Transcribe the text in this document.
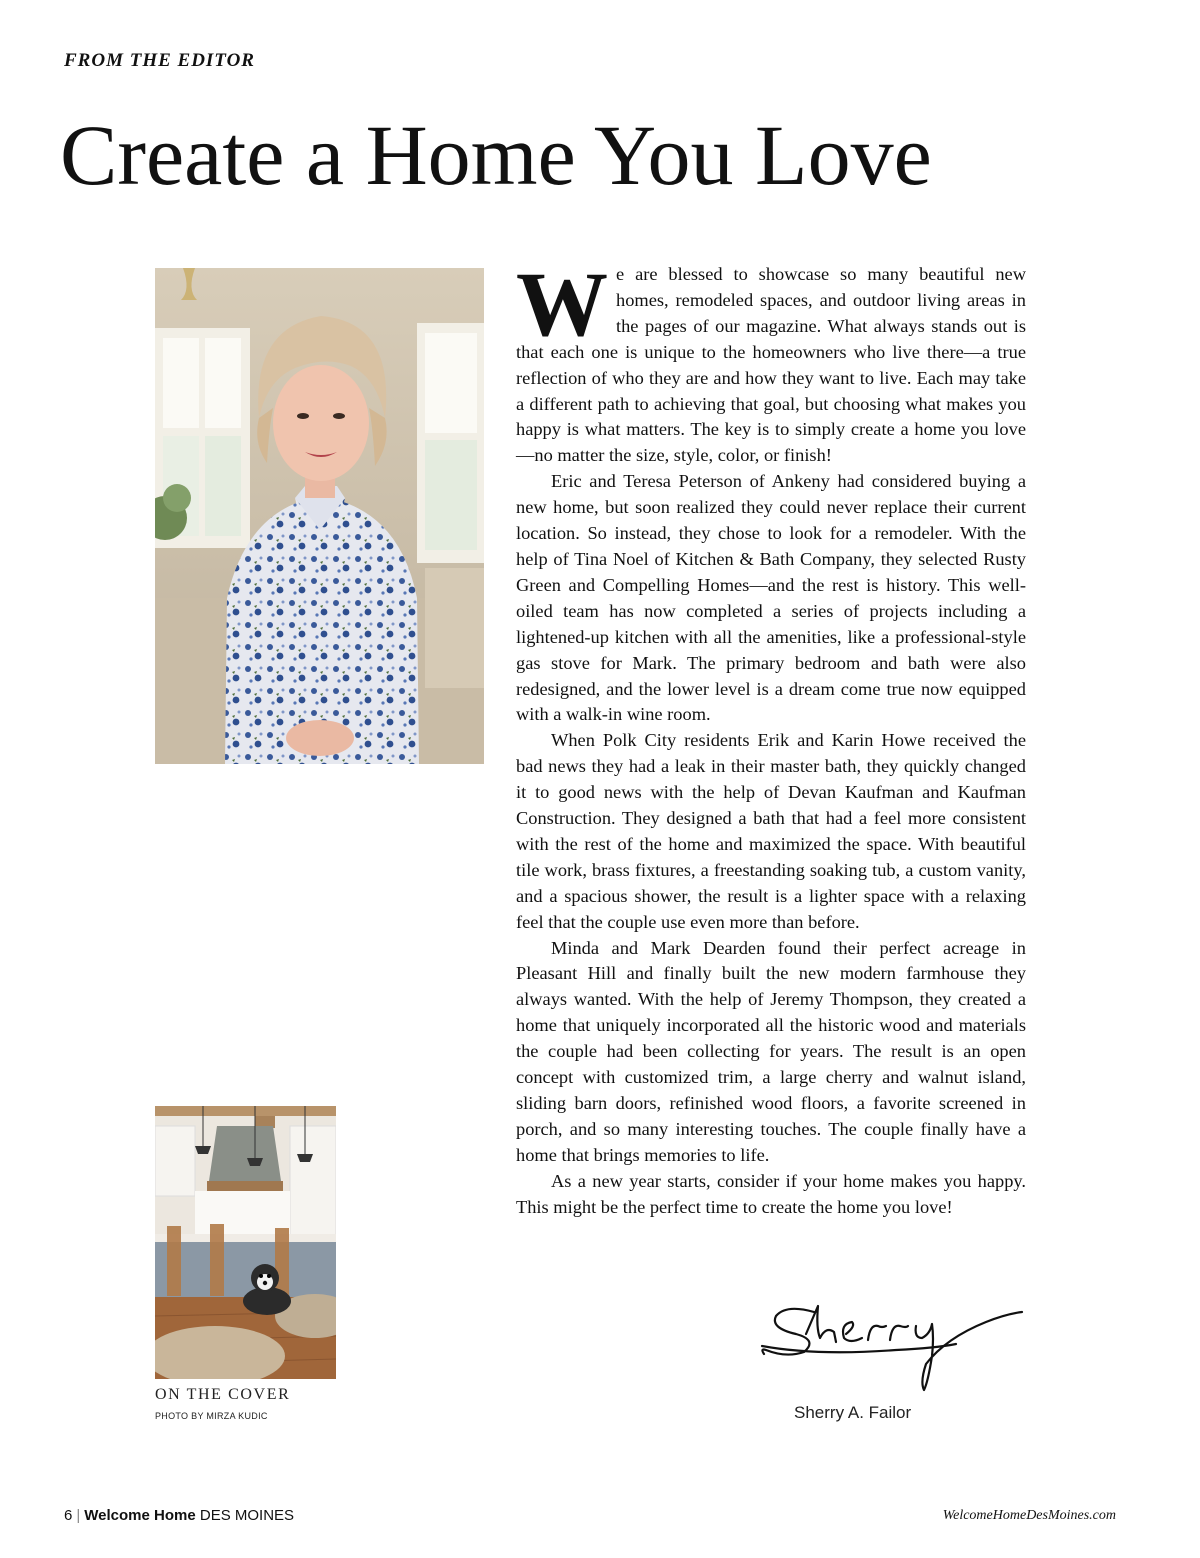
FROM THE EDITOR
Create a Home You Love

We are blessed to showcase so many beautiful new homes, remodeled spaces, and outdoor living areas in the pages of our magazine. What always stands out is that each one is unique to the homeowners who live there—a true reflection of who they are and how they want to live. Each may take a different path to achieving that goal, but choosing what makes you happy is what matters. The key is to simply create a home you love—no matter the size, style, color, or finish!

Eric and Teresa Peterson of Ankeny had considered buying a new home, but soon realized they could never replace their current location. So instead, they chose to look for a remodeler. With the help of Tina Noel of Kitchen & Bath Company, they selected Rusty Green and Compelling Homes—and the rest is history. This well-oiled team has now completed a series of projects including a lightened-up kitchen with all the amenities, like a professional-style gas stove for Mark. The primary bedroom and bath were also redesigned, and the lower level is a dream come true now equipped with a walk-in wine room.

When Polk City residents Erik and Karin Howe received the bad news they had a leak in their master bath, they quickly changed it to good news with the help of Devan Kaufman and Kaufman Construction. They designed a bath that had a feel more consistent with the rest of the home and maximized the space. With beautiful tile work, brass fixtures, a freestanding soaking tub, a custom vanity, and a spacious shower, the result is a lighter space with a relaxing feel that the couple use even more than before.

Minda and Mark Dearden found their perfect acreage in Pleasant Hill and finally built the new modern farmhouse they always wanted. With the help of Jeremy Thompson, they created a home that uniquely incorporated all the historic wood and materials the couple had been collecting for years. The result is an open concept with customized trim, a large cherry and walnut island, sliding barn doors, refinished wood floors, a favorite screened in porch, and so many interesting touches. The couple finally have a home that brings memories to life.

As a new year starts, consider if your home makes you happy. This might be the perfect time to create the home you love!

ON THE COVER
PHOTO BY MIRZA KUDIC	Sherry A. Failor
6 | Welcome Home DES MOINES	WelcomeHomeDesMoines.com
